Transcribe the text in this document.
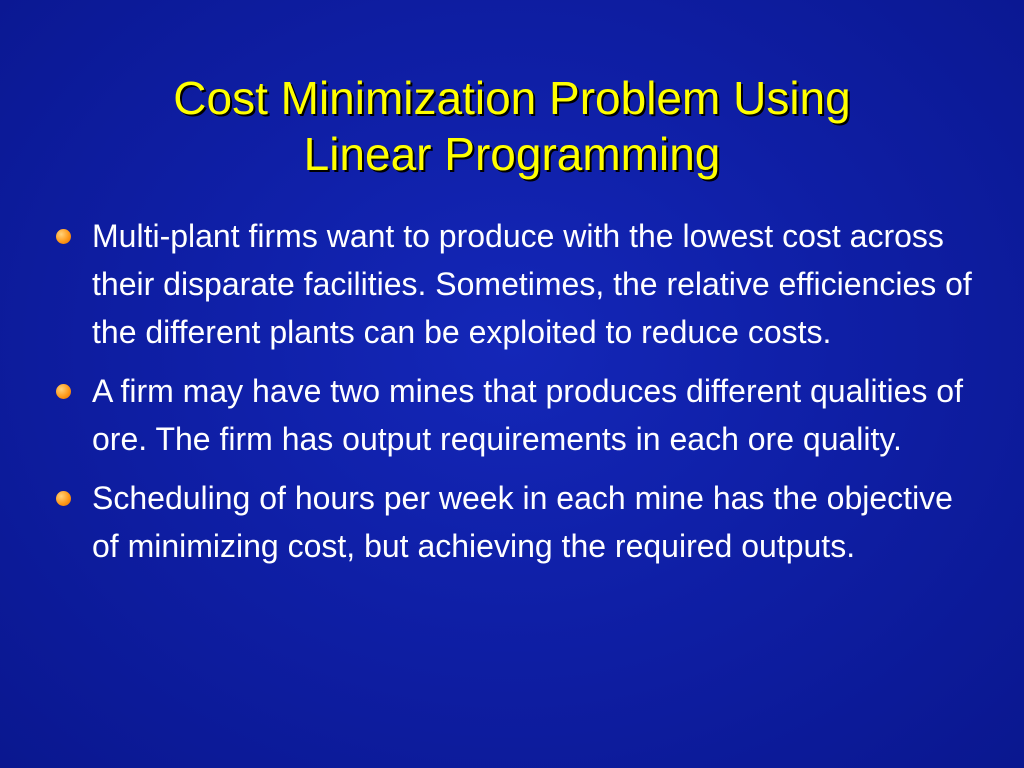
Cost Minimization Problem Using
Linear Programming
Multi-plant firms want to produce with the lowest cost across their disparate facilities. Sometimes, the relative efficiencies of the different plants can be exploited to reduce costs.
A firm may have two mines that produces different qualities of ore. The firm has output requirements in each ore quality.
Scheduling of hours per week in each mine has the objective of minimizing cost, but achieving the required outputs.
